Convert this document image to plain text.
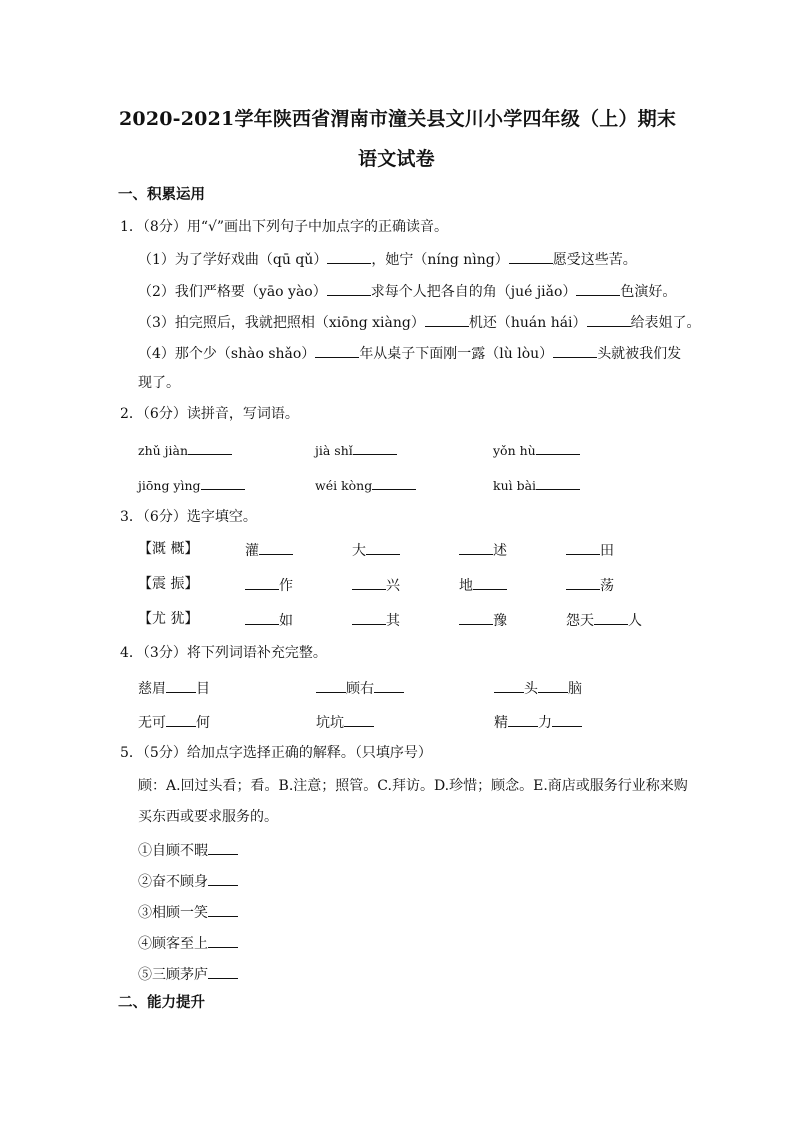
2020-2021学年陕西省渭南市潼关县文川小学四年级（上）期末
语文试卷
一、积累运用
1．（8分）用“√”画出下列句子中加点字的正确读音。
（1）为了学好戏曲（qū qǔ）	，她宁（níng nìng）	愿受这些苦。
（2）我们严格要（yāo yào）	求每个人把各自的角（jué jiǎo）	色演好。
（3）拍完照后，我就把照相（xiōng xiàng）	机还（huán hái）	给表姐了。
（4）那个少（shào shǎo）	年从桌子下面刚一露（lù lòu）	头就被我们发
现了。
2．（6分）读拼音，写词语。
zhǔ jiàn	jià shǐ	yǒn hù
jiōng yìng	wéi kòng	kuì bài
3．（6分）选字填空。
【溉 概】	灌	大	述	田
【震 振】	作	兴	地	荡
【尤 犹】	如	其	豫	怨天 人
4．（3分）将下列词语补充完整。
慈眉 目	顾右	头 脑
无可 何	坑坑	精 力
5．（5分）给加点字选择正确的解释。（只填序号）
顾：A.回过头看；看。B.注意；照管。C.拜访。D.珍惜；顾念。E.商店或服务行业称来购
买东西或要求服务的。
①自顾不暇
②奋不顾身
③相顾一笑
④顾客至上
⑤三顾茅庐
二、能力提升
